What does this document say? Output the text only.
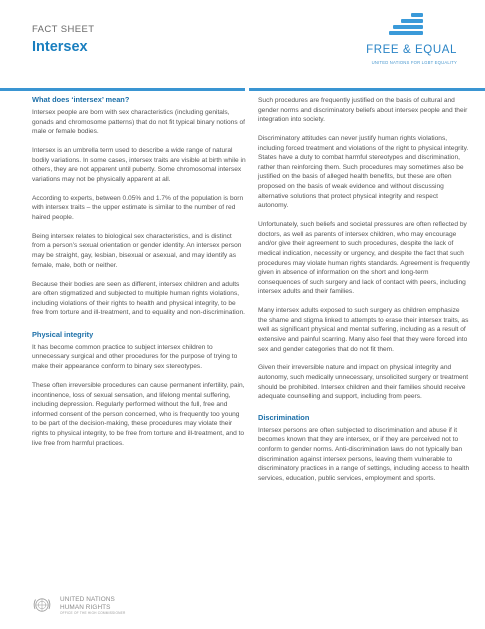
FACT SHEET
Intersex	FREE & EQUAL
UNITED NATIONS FOR LGBT EQUALITY
What does ‘intersex’ mean?

Intersex people are born with sex characteristics (including genitals, gonads and chromosome patterns) that do not fit typical binary notions of male or female bodies.

Intersex is an umbrella term used to describe a wide range of natural bodily variations. In some cases, intersex traits are visible at birth while in others, they are not apparent until puberty. Some chromosomal intersex variations may not be physically apparent at all.

According to experts, between 0.05% and 1.7% of the population is born with intersex traits – the upper estimate is similar to the number of red haired people.

Being intersex relates to biological sex characteristics, and is distinct from a person’s sexual orientation or gender identity. An intersex person may be straight, gay, lesbian, bisexual or asexual, and may identify as female, male, both or neither.

Because their bodies are seen as different, intersex children and adults are often stigmatized and subjected to multiple human rights violations, including violations of their rights to health and physical integrity, to be free from torture and ill-treatment, and to equality and non-discrimination.

Physical integrity

It has become common practice to subject intersex children to unnecessary surgical and other procedures for the purpose of trying to make their appearance conform to binary sex stereotypes.

These often irreversible procedures can cause permanent infertility, pain, incontinence, loss of sexual sensation, and lifelong mental suffering, including depression. Regularly performed without the full, free and informed consent of the person concerned, who is frequently too young to be part of the decision-making, these procedures may violate their rights to physical integrity, to be free from torture and ill-treatment, and to live free from harmful practices.

Such procedures are frequently justified on the basis of cultural and gender norms and discriminatory beliefs about intersex people and their integration into society.

Discriminatory attitudes can never justify human rights violations, including forced treatment and violations of the right to physical integrity. States have a duty to combat harmful stereotypes and discrimination, rather than reinforcing them. Such procedures may sometimes also be justified on the basis of alleged health benefits, but these are often proposed on the basis of weak evidence and without discussing alternative solutions that protect physical integrity and respect autonomy.

Unfortunately, such beliefs and societal pressures are often reflected by doctors, as well as parents of intersex children, who may encourage and/or give their agreement to such procedures, despite the lack of medical indication, necessity or urgency, and despite the fact that such procedures may violate human rights standards. Agreement is frequently given in absence of information on the short and long-term consequences of such surgery and lack of contact with peers, including intersex adults and their families.

Many intersex adults exposed to such surgery as children emphasize the shame and stigma linked to attempts to erase their intersex traits, as well as significant physical and mental suffering, including as a result of extensive and painful scarring. Many also feel that they were forced into sex and gender categories that do not fit them.

Given their irreversible nature and impact on physical integrity and autonomy, such medically unnecessary, unsolicited surgery or treatment should be prohibited. Intersex children and their families should receive adequate counselling and support, including from peers.

Discrimination

Intersex persons are often subjected to discrimination and abuse if it becomes known that they are intersex, or if they are perceived not to conform to gender norms. Anti-discrimination laws do not typically ban discrimination against intersex persons, leaving them vulnerable to discriminatory practices in a range of settings, including access to health services, education, public services, employment and sports.

UNITED NATIONS
HUMAN RIGHTS
OFFICE OF THE HIGH COMMISSIONER
